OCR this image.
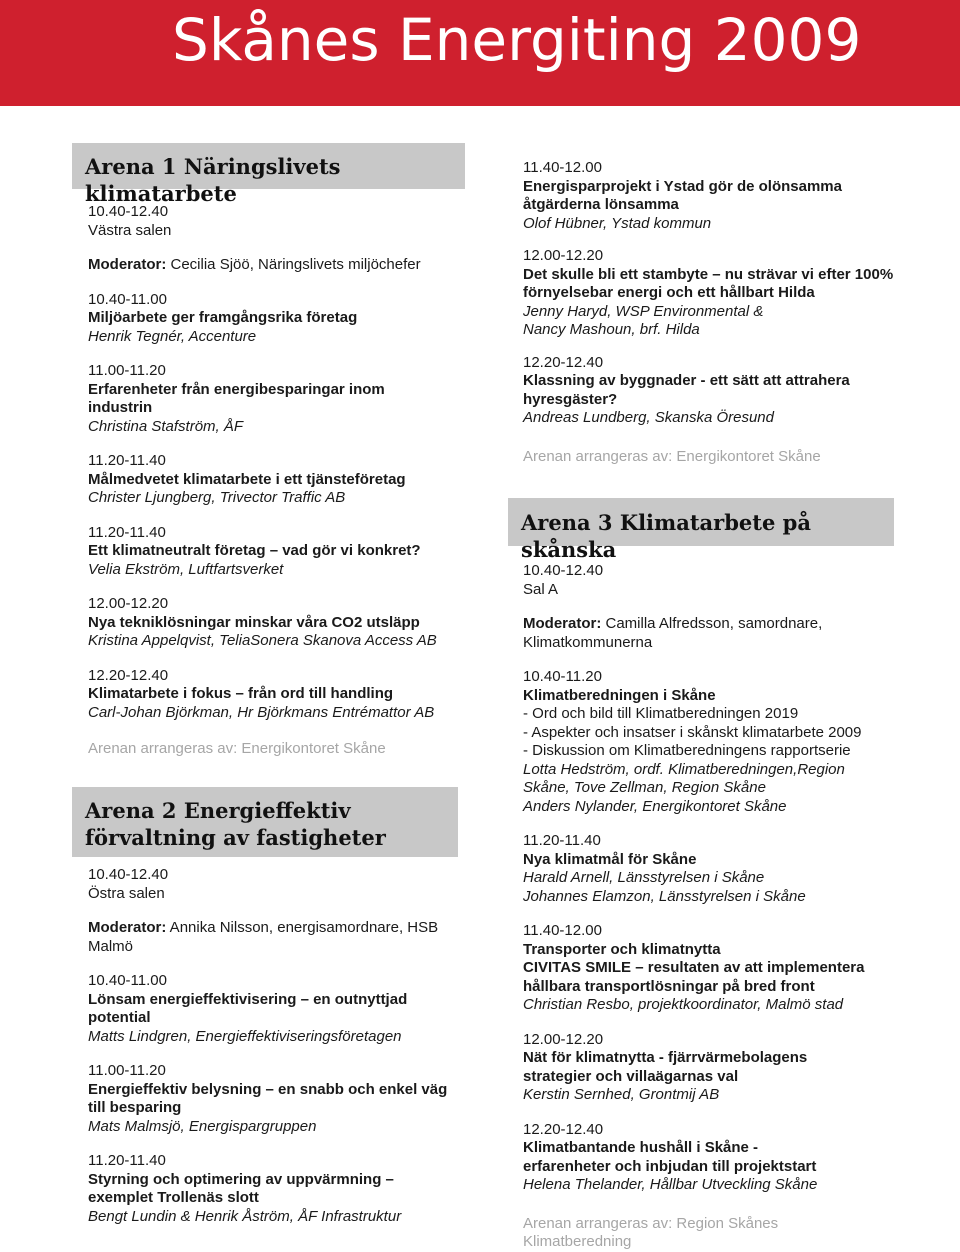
Skånes Energiting 2009
Arena 1 Näringslivets klimatarbete

10.40-12.40

Västra salen

Moderator: Cecilia Sjöö, Näringslivets miljöchefer

10.40-11.00

Miljöarbete ger framgångsrika företag

Henrik Tegnér, Accenture

11.00-11.20

Erfarenheter från energibesparingar inom industrin

Christina Stafström, ÅF

11.20-11.40

Målmedvetet klimatarbete i ett tjänsteföretag

Christer Ljungberg, Trivector Traffic AB

11.20-11.40

Ett klimatneutralt företag – vad gör vi konkret?

Velia Ekström, Luftfartsverket

12.00-12.20

Nya tekniklösningar minskar våra CO2 utsläpp

Kristina Appelqvist, TeliaSonera Skanova Access AB

12.20-12.40

Klimatarbete i fokus – från ord till handling

Carl-Johan Björkman, Hr Björkmans Entrémattor AB

Arenan arrangeras av: Energikontoret Skåne

Arena 2 Energieffektiv förvaltning av fastigheter

10.40-12.40

Östra salen

Moderator: Annika Nilsson, energisamordnare, HSB Malmö

10.40-11.00

Lönsam energieffektivisering – en outnyttjad potential

Matts Lindgren, Energieffektiviseringsföretagen

11.00-11.20

Energieffektiv belysning – en snabb och enkel väg till besparing

Mats Malmsjö, Energispargruppen

11.20-11.40

Styrning och optimering av uppvärmning – exemplet Trollenäs slott

Bengt Lundin & Henrik Åström, ÅF Infrastruktur

11.40-12.00

Energisparprojekt i Ystad gör de olönsamma åtgärderna lönsamma

Olof Hübner, Ystad kommun

12.00-12.20

Det skulle bli ett stambyte – nu strävar vi efter 100% förnyelsebar energi och ett hållbart Hilda

Jenny Haryd, WSP Environmental & Nancy Mashoun, brf. Hilda

12.20-12.40

Klassning av byggnader - ett sätt att attrahera hyresgäster?

Andreas Lundberg, Skanska Öresund

Arenan arrangeras av: Energikontoret Skåne

Arena 3 Klimatarbete på skånska

10.40-12.40

Sal A

Moderator: Camilla Alfredsson, samordnare, Klimatkommunerna

10.40-11.20

Klimatberedningen i Skåne

- Ord och bild till Klimatberedningen 2019

- Aspekter och insatser i skånskt klimatarbete 2009

- Diskussion om Klimatberedningens rapportserie

Lotta Hedström, ordf. Klimatberedningen,Region Skåne, Tove Zellman, Region Skåne

Anders Nylander, Energikontoret Skåne

11.20-11.40

Nya klimatmål för Skåne

Harald Arnell, Länsstyrelsen i Skåne

Johannes Elamzon, Länsstyrelsen i Skåne

11.40-12.00

Transporter och klimatnytta

CIVITAS SMILE – resultaten av att implementera hållbara transportlösningar på bred front

Christian Resbo, projektkoordinator, Malmö stad

12.00-12.20

Nät för klimatnytta - fjärrvärmebolagens strategier och villaägarnas val

Kerstin Sernhed, Grontmij AB

12.20-12.40

Klimatbantande hushåll i Skåne -

erfarenheter och inbjudan till projektstart

Helena Thelander, Hållbar Utveckling Skåne

Arenan arrangeras av: Region Skånes Klimatberedning
